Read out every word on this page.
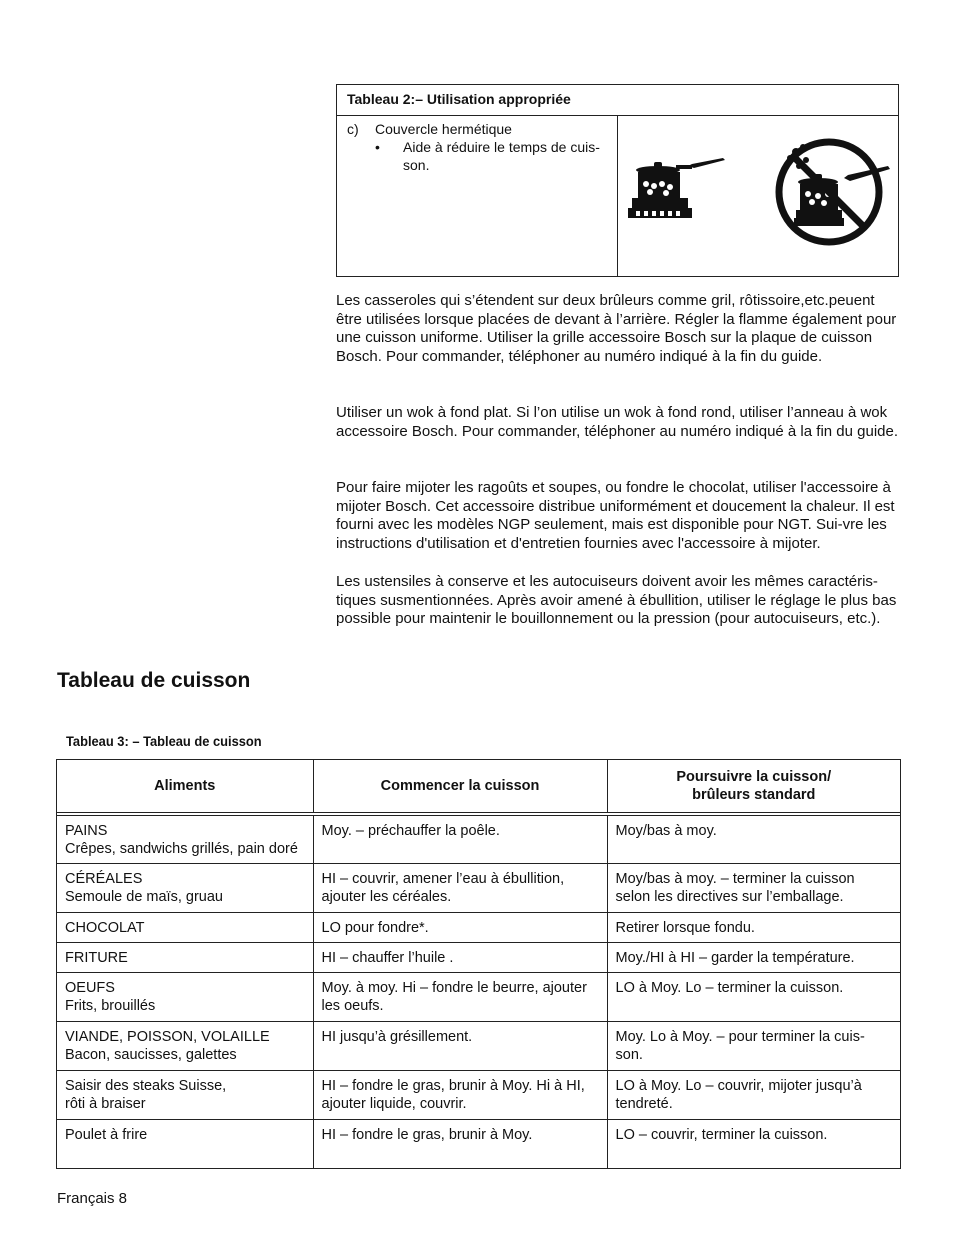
Tableau 2:– Utilisation appropriée
c)	Couvercle hermétique
•	Aide à réduire le temps de cuis-son.
Les casseroles qui s’étendent sur deux brûleurs comme gril, rôtissoire,etc.peuent être utilisées lorsque placées de devant à l’arrière. Régler la flamme également pour une cuisson uniforme. Utiliser la grille accessoire Bosch sur la plaque de cuisson Bosch. Pour commander, téléphoner au numéro indiqué à la fin du guide.
Utiliser un wok à fond plat. Si l’on utilise un wok à fond rond, utiliser l’anneau à wok accessoire Bosch. Pour commander, téléphoner au numéro indiqué à la fin du guide.
Pour faire mijoter les ragoûts et soupes, ou fondre le chocolat, utiliser l'accessoire à mijoter Bosch. Cet accessoire distribue uniformément et doucement la chaleur. Il est fourni avec les modèles NGP seulement, mais est disponible pour NGT. Sui-vre les instructions d'utilisation et d'entretien fournies avec l'accessoire à mijoter.
Les ustensiles à conserve et les autocuiseurs doivent avoir les mêmes caractéris-tiques susmentionnées. Après avoir amené à ébullition, utiliser le réglage le plus bas possible pour maintenir le bouillonnement ou la pression (pour autocuiseurs, etc.).
Tableau de cuisson
Tableau 3: – Tableau de cuisson
Aliments	Commencer la cuisson	Poursuivre la cuisson/
brûleurs standard
PAINS
Crêpes, sandwichs grillés, pain doré	Moy. – préchauffer la poêle.	Moy/bas à moy.
CÉRÉALES
Semoule de maïs, gruau	HI – couvrir, amener l’eau à ébullition, ajouter les céréales.	Moy/bas à moy. – terminer la cuisson selon les directives sur l’emballage.
CHOCOLAT	LO pour fondre*.	Retirer lorsque fondu.
FRITURE	HI – chauffer l’huile .	Moy./HI à HI – garder la température.
OEUFS
Frits, brouillés	Moy. à moy. Hi – fondre le beurre, ajouter les oeufs.	LO à Moy. Lo – terminer la cuisson.
VIANDE, POISSON, VOLAILLE
Bacon, saucisses, galettes	HI jusqu’à grésillement.	Moy. Lo à Moy. – pour terminer la cuis-son.
Saisir des steaks Suisse,
rôti à braiser	HI – fondre le gras, brunir à Moy. Hi à HI, ajouter liquide, couvrir.	LO à Moy. Lo – couvrir, mijoter jusqu’à tendreté.
Poulet à frire	HI – fondre le gras, brunir à Moy.	LO – couvrir, terminer la cuisson.
Français 8
